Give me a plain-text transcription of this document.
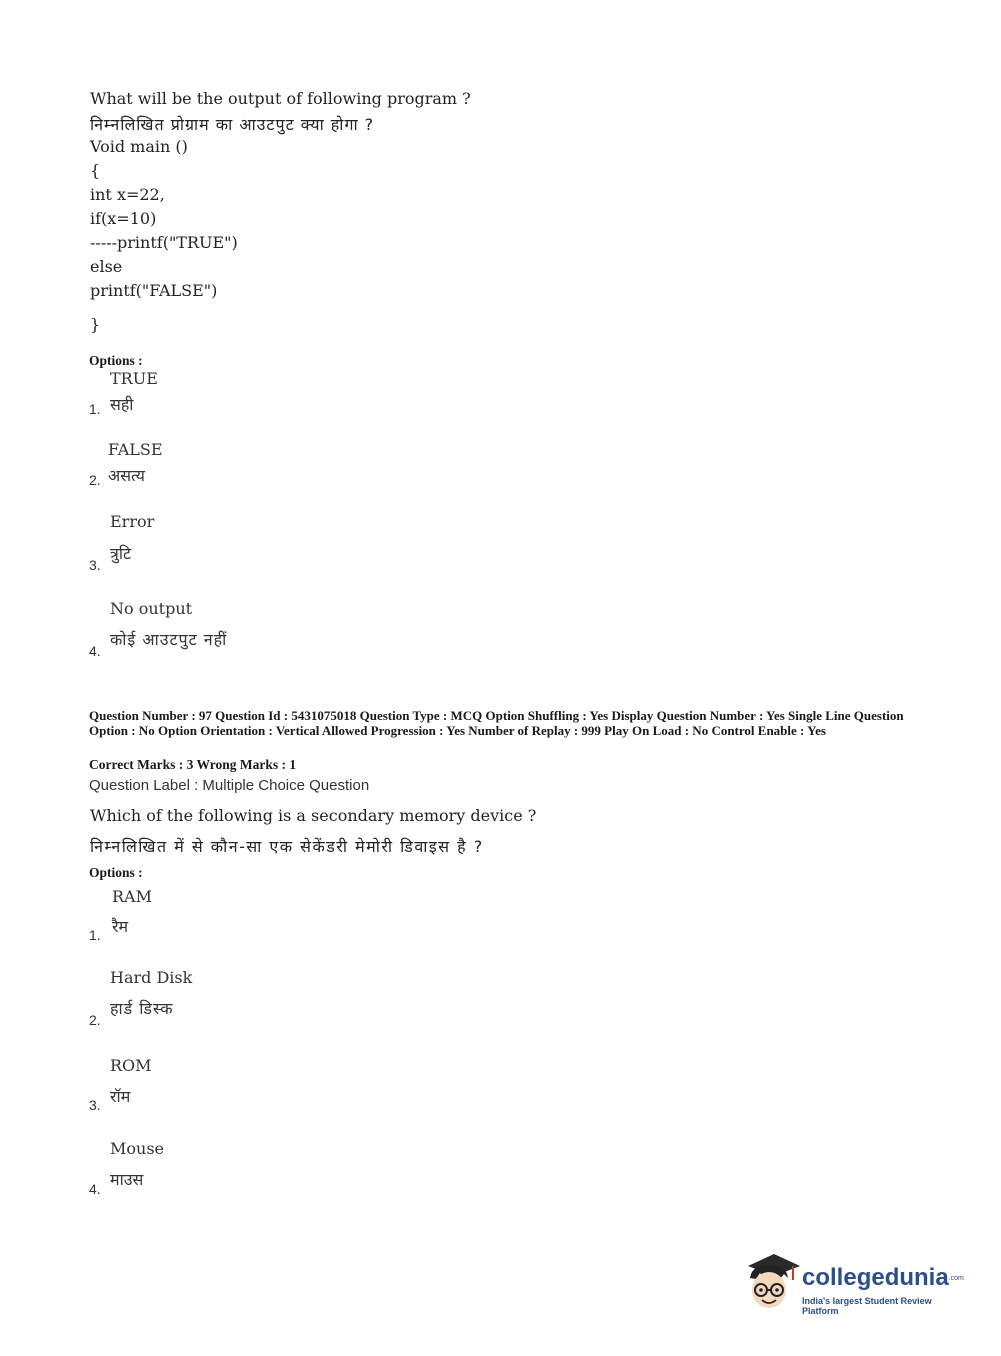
What will be the output of following program ?
निम्नलिखित प्रोग्राम का आउटपुट क्या होगा ?
Void main ()
{
int x=22,
if(x=10)
-----printf("TRUE")
else
printf("FALSE")
}
Options :
TRUE
सही
1.
FALSE
असत्य
2.
Error
त्रुटि
3.
No output
कोई आउटपुट नहीं
4.
Question Number : 97 Question Id : 5431075018 Question Type : MCQ Option Shuffling : Yes Display Question Number : Yes Single Line Question Option : No Option Orientation : Vertical Allowed Progression : Yes Number of Replay : 999 Play On Load : No Control Enable : Yes
Correct Marks : 3 Wrong Marks : 1
Question Label : Multiple Choice Question
Which of the following is a secondary memory device ?
निम्नलिखित में से कौन-सा एक सेकेंडरी मेमोरी डिवाइस है ?
Options :
RAM
रैम
1.
Hard Disk
हार्ड डिस्क
2.
ROM
रॉम
3.
Mouse
माउस
4.
collegedunia.com
India's largest Student Review Platform
